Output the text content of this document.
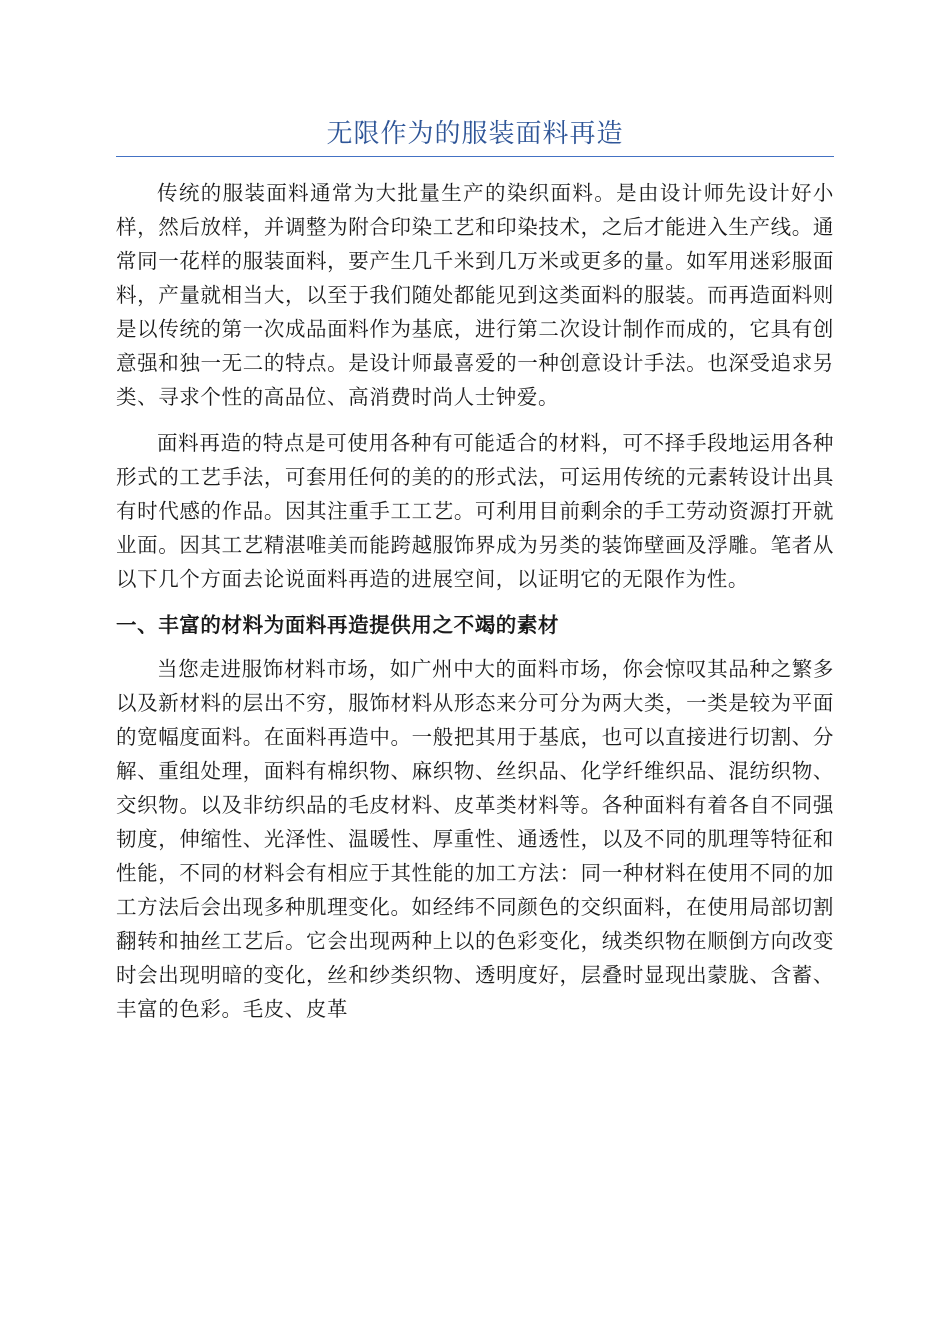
无限作为的服装面料再造

传统的服装面料通常为大批量生产的染织面料。是由设计师先设计好小样，然后放样，并调整为附合印染工艺和印染技术，之后才能进入生产线。通常同一花样的服装面料，要产生几千米到几万米或更多的量。如军用迷彩服面料，产量就相当大，以至于我们随处都能见到这类面料的服装。而再造面料则是以传统的第一次成品面料作为基底，进行第二次设计制作而成的，它具有创意强和独一无二的特点。是设计师最喜爱的一种创意设计手法。也深受追求另类、寻求个性的高品位、高消费时尚人士钟爱。

面料再造的特点是可使用各种有可能适合的材料，可不择手段地运用各种形式的工艺手法，可套用任何的美的的形式法，可运用传统的元素转设计出具有时代感的作品。因其注重手工工艺。可利用目前剩余的手工劳动资源打开就业面。因其工艺精湛唯美而能跨越服饰界成为另类的装饰壁画及浮雕。笔者从以下几个方面去论说面料再造的进展空间，以证明它的无限作为性。

一、丰富的材料为面料再造提供用之不竭的素材

当您走进服饰材料市场，如广州中大的面料市场，你会惊叹其品种之繁多以及新材料的层出不穷，服饰材料从形态来分可分为两大类，一类是较为平面的宽幅度面料。在面料再造中。一般把其用于基底，也可以直接进行切割、分解、重组处理，面料有棉织物、麻织物、丝织品、化学纤维织品、混纺织物、交织物。以及非纺织品的毛皮材料、皮革类材料等。各种面料有着各自不同强韧度，伸缩性、光泽性、温暖性、厚重性、通透性，以及不同的肌理等特征和性能，不同的材料会有相应于其性能的加工方法：同一种材料在使用不同的加工方法后会出现多种肌理变化。如经纬不同颜色的交织面料，在使用局部切割翻转和抽丝工艺后。它会出现两种上以的色彩变化，绒类织物在顺倒方向改变时会出现明暗的变化，丝和纱类织物、透明度好，层叠时显现出蒙胧、含蓄、丰富的色彩。毛皮、皮革
